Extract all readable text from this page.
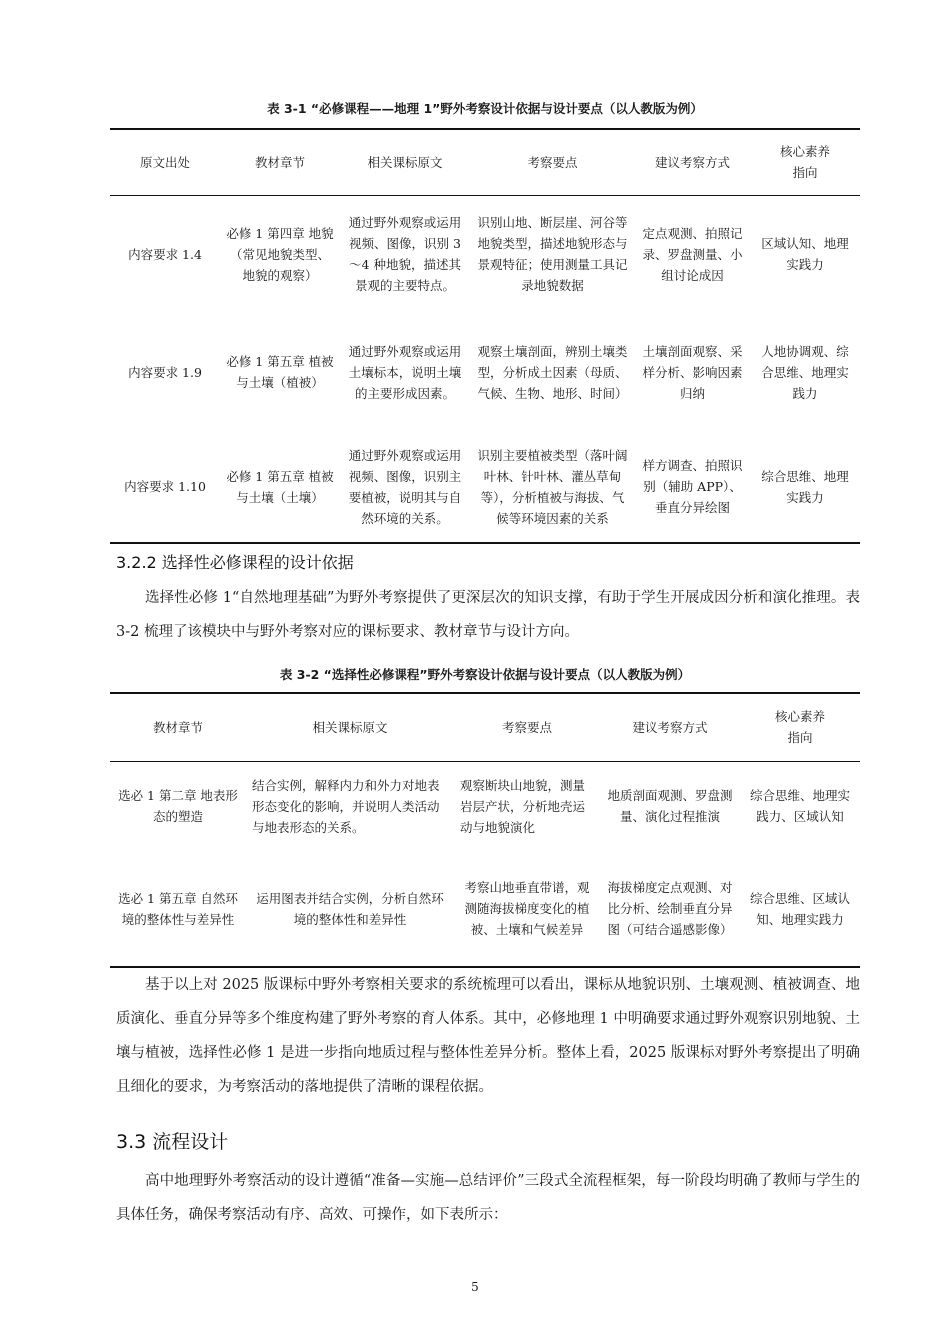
表 3-1 “必修课程——地理 1”野外考察设计依据与设计要点（以人教版为例）
原文出处	教材章节	相关课标原文	考察要点	建议考察方式	核心素养指向
内容要求 1.4	必修 1 第四章 地貌（常见地貌类型、地貌的观察）	通过野外观察或运用视频、图像，识别 3～4 种地貌，描述其景观的主要特点。	识别山地、断层崖、河谷等地貌类型，描述地貌形态与景观特征；使用测量工具记录地貌数据	定点观测、拍照记录、罗盘测量、小组讨论成因	区域认知、地理实践力
内容要求 1.9	必修 1 第五章 植被与土壤（植被）	通过野外观察或运用土壤标本，说明土壤的主要形成因素。	观察土壤剖面，辨别土壤类型，分析成土因素（母质、气候、生物、地形、时间）	土壤剖面观察、采样分析、影响因素归纳	人地协调观、综合思维、地理实践力
内容要求 1.10	必修 1 第五章 植被与土壤（土壤）	通过野外观察或运用视频、图像，识别主要植被，说明其与自然环境的关系。	识别主要植被类型（落叶阔叶林、针叶林、灌丛草甸等），分析植被与海拔、气候等环境因素的关系	样方调查、拍照识别（辅助 APP）、垂直分异绘图	综合思维、地理实践力
3.2.2 选择性必修课程的设计依据

选择性必修 1“自然地理基础”为野外考察提供了更深层次的知识支撑，有助于学生开展成因分析和演化推理。表 3-2 梳理了该模块中与野外考察对应的课标要求、教材章节与设计方向。

表 3-2 “选择性必修课程”野外考察设计依据与设计要点（以人教版为例）
教材章节	相关课标原文	考察要点	建议考察方式	核心素养指向
选必 1 第二章 地表形态的塑造	结合实例，解释内力和外力对地表形态变化的影响，并说明人类活动与地表形态的关系。	观察断块山地貌，测量岩层产状，分析地壳运动与地貌演化	地质剖面观测、罗盘测量、演化过程推演	综合思维、地理实践力、区域认知
选必 1 第五章 自然环境的整体性与差异性	运用图表并结合实例，分析自然环境的整体性和差异性	考察山地垂直带谱，观测随海拔梯度变化的植被、土壤和气候差异	海拔梯度定点观测、对比分析、绘制垂直分异图（可结合遥感影像）	综合思维、区域认知、地理实践力

基于以上对 2025 版课标中野外考察相关要求的系统梳理可以看出，课标从地貌识别、土壤观测、植被调查、地质演化、垂直分异等多个维度构建了野外考察的育人体系。其中，必修地理 1 中明确要求通过野外观察识别地貌、土壤与植被，选择性必修 1 是进一步指向地质过程与整体性差异分析。整体上看，2025 版课标对野外考察提出了明确且细化的要求，为考察活动的落地提供了清晰的课程依据。

3.3 流程设计

高中地理野外考察活动的设计遵循“准备—实施—总结评价”三段式全流程框架，每一阶段均明确了教师与学生的具体任务，确保考察活动有序、高效、可操作，如下表所示：

5
